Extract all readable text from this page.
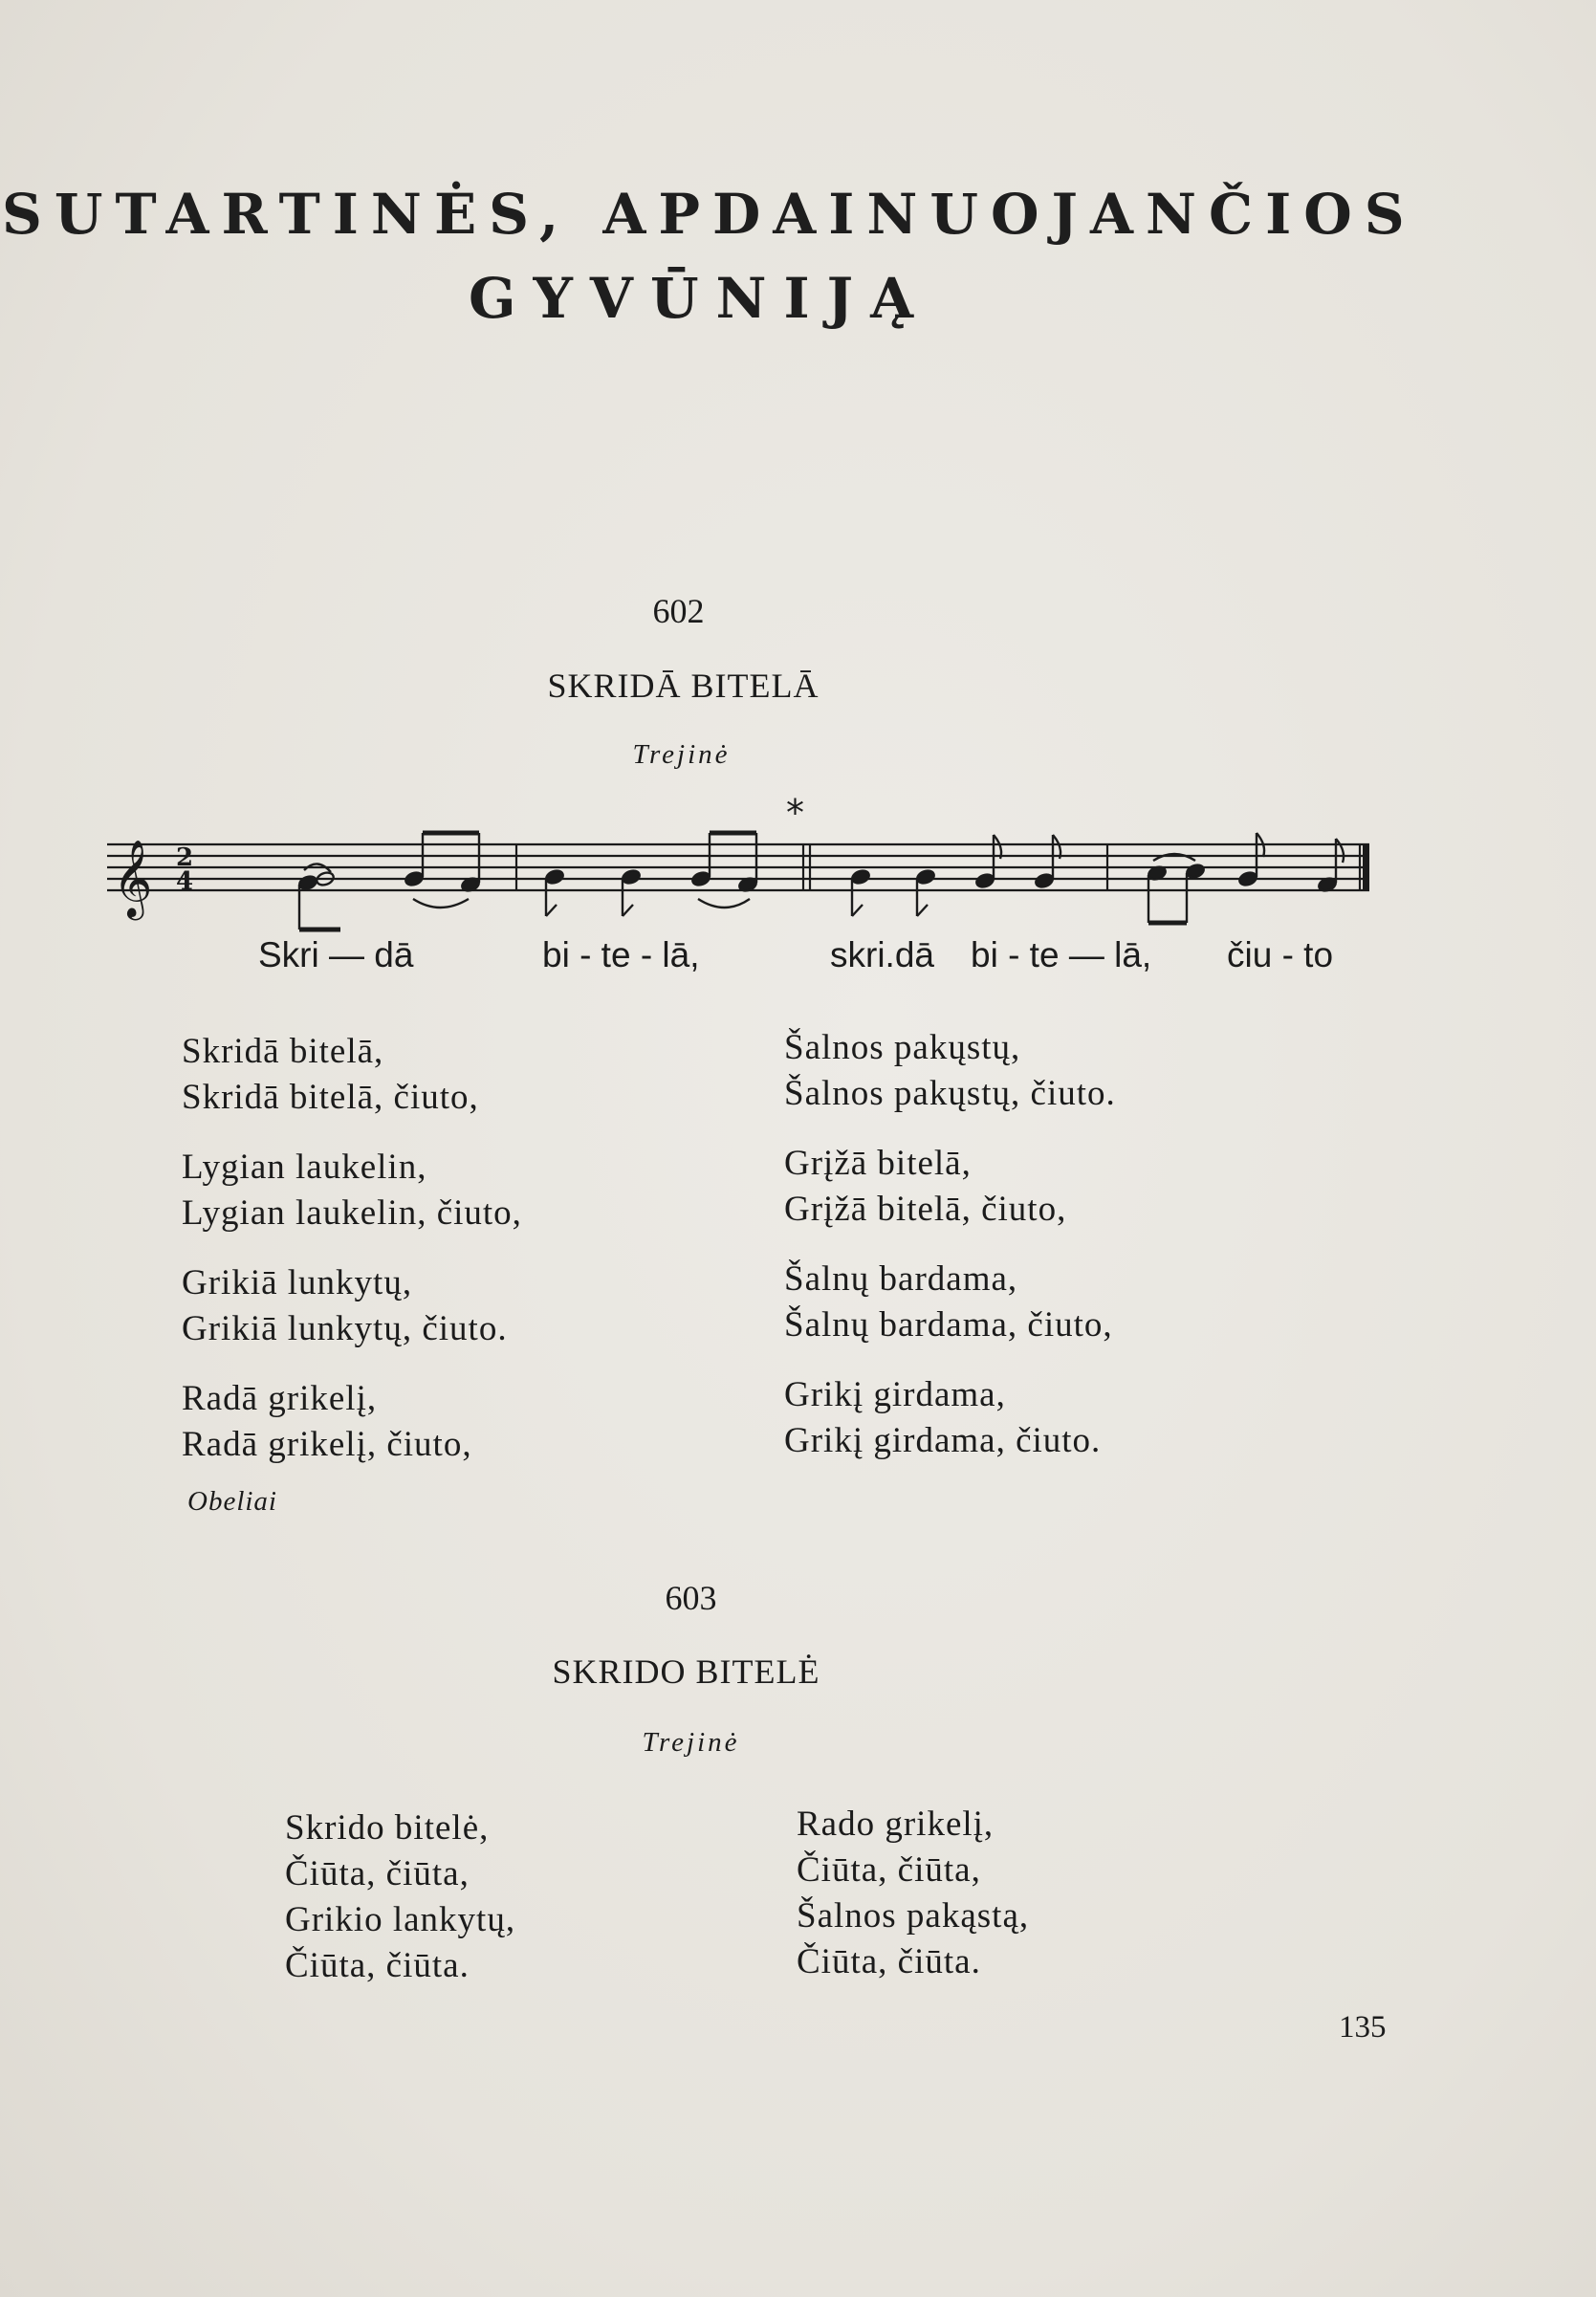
SUTARTINĖS, APDAINUOJANČIOS
GYVŪNIJĄ
602
SKRIDĀ BITELĀ
Trejinė
𝄞 2
4
*
Skri — dā	bi - te - lā,	skri.dā bi - te — lā, čiu - to
Skridā bitelā,
Skridā bitelā, čiuto,
Lygian laukelin,
Lygian laukelin, čiuto,
Grikiā lunkytų,
Grikiā lunkytų, čiuto.
Radā grikelį,
Radā grikelį, čiuto,
Šalnos pakųstų,
Šalnos pakųstų, čiuto.
Grįžā bitelā,
Grįžā bitelā, čiuto,
Šalnų bardama,
Šalnų bardama, čiuto,
Grikį girdama,
Grikį girdama, čiuto.
Obeliai
603
SKRIDO BITELĖ
Trejinė
Skrido bitelė,
Čiūta, čiūta,
Grikio lankytų,
Čiūta, čiūta.
Rado grikelį,
Čiūta, čiūta,
Šalnos pakąstą,
Čiūta, čiūta.
135
